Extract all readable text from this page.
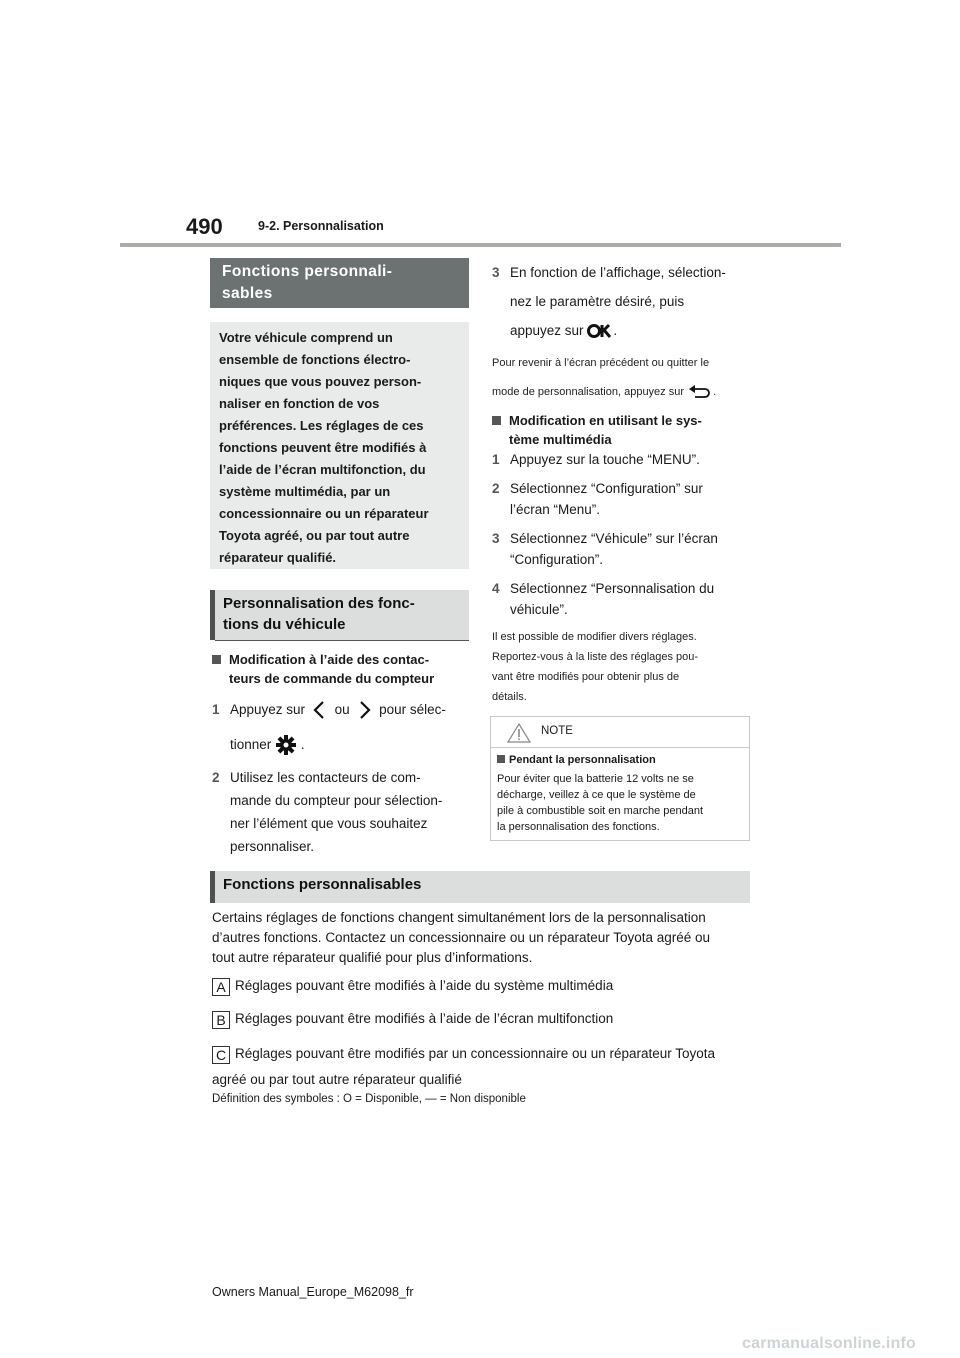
490	9-2. Personnalisation
Fonctions personnali-
sables
Votre véhicule comprend un
ensemble de fonctions électro-
niques que vous pouvez person-
naliser en fonction de vos
préférences. Les réglages de ces
fonctions peuvent être modifiés à
l’aide de l’écran multifonction, du
système multimédia, par un
concessionnaire ou un réparateur
Toyota agréé, ou par tout autre
réparateur qualifié.
Personnalisation des fonc-
tions du véhicule
Modification à l’aide des contac-
teurs de commande du compteur
1 Appuyez sur ou pour sélec-
tionner .
2 Utilisez les contacteurs de com-
mande du compteur pour sélection-
ner l’élément que vous souhaitez
personnaliser.
3 En fonction de l’affichage, sélection-
nez le paramètre désiré, puis
appuyez sur .
Pour revenir à l’écran précédent ou quitter le
mode de personnalisation, appuyez sur	.
Modification en utilisant le sys-
tème multimédia
1 Appuyez sur la touche “MENU”.
2 Sélectionnez “Configuration” sur
l’écran “Menu”.
3 Sélectionnez “Véhicule” sur l’écran
“Configuration”.
4 Sélectionnez “Personnalisation du
véhicule”.
Il est possible de modifier divers réglages.
Reportez-vous à la liste des réglages pou-
vant être modifiés pour obtenir plus de
détails.
NOTE
Pendant la personnalisation
Pour éviter que la batterie 12 volts ne se
décharge, veillez à ce que le système de
pile à combustible soit en marche pendant
la personnalisation des fonctions.
Fonctions personnalisables
Certains réglages de fonctions changent simultanément lors de la personnalisation
d’autres fonctions. Contactez un concessionnaire ou un réparateur Toyota agréé ou
tout autre réparateur qualifié pour plus d’informations.
A Réglages pouvant être modifiés à l’aide du système multimédia
B Réglages pouvant être modifiés à l’aide de l’écran multifonction
C Réglages pouvant être modifiés par un concessionnaire ou un réparateur Toyota
agréé ou par tout autre réparateur qualifié
Définition des symboles : O = Disponible, — = Non disponible
Owners Manual_Europe_M62098_fr
carmanualsonline.info
